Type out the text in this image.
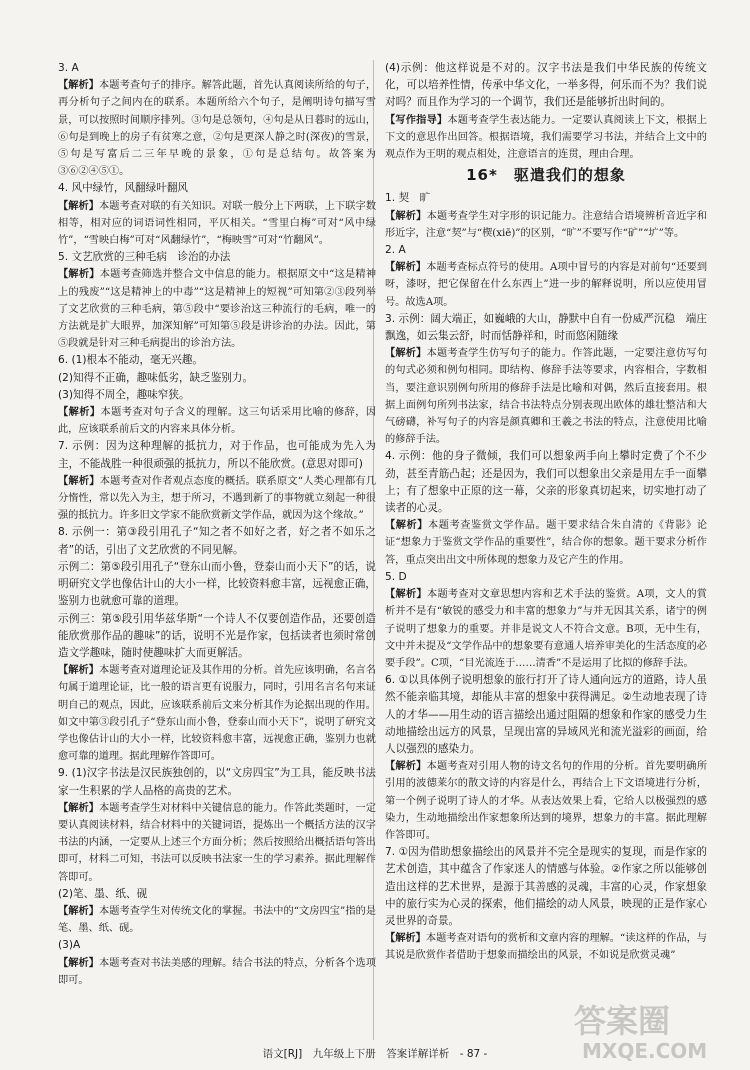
3. A

【解析】本题考查句子的排序。解答此题，首先认真阅读所给的句子，再分析句子之间内在的联系。本题所给六个句子，是阐明诗句描写雪景，可以按照时间顺序排列。③句是总领句，④句是从日暮时的远山，⑥句是到晚上的房子有贫寒之意，②句是更深人静之时(深夜)的雪景，⑤句是写富后二三年早晚的景象，①句是总结句。故答案为③⑥②④⑤①。

4. 风中绿竹，风翻绿叶翻风

【解析】本题考查对联的有关知识。对联一般分上下两联，上下联字数相等，相对应的词语词性相同，平仄相关。“雪里白梅”可对“风中绿竹”，“雪映白梅”可对“风翻绿竹”，“梅映雪”可对“竹翻风”。

5. 文艺欣赏的三种毛病　诊治的办法

【解析】本题考查筛选并整合文中信息的能力。根据原文中“这是精神上的残废”“这是精神上的中毒”“这是精神上的短视”可知第②③段列举了文艺欣赏的三种毛病，第⑤段中“要诊治这三种流行的毛病，唯一的方法就是扩大眼界，加深知解”可知第⑤段是讲诊治的办法。因此，第⑤段就是针对三种毛病提出的诊治方法。

6. (1)根本不能动，毫无兴趣。

(2)知得不正确，趣味低劣，缺乏鉴别力。

(3)知得不周全，趣味窄狭。

【解析】本题考查对句子含义的理解。这三句话采用比喻的修辞，因此，应该联系前后文的内容来具体分析。

7. 示例：因为这种理解的抵抗力，对于作品，也可能成为先入为主，不能战胜一种很顽强的抵抗力，所以不能欣赏。(意思对即可)

【解析】本题考查对作者观点态度的概括。联系原文“人类心理都有几分惰性，常以先入为主，想于所习，不遇到新了的事物就立刻起一种很强的抵抗力。许多旧文学家不能欣赏新文学作品，就因为这个缘故。”

8. 示例一：第③段引用孔子“知之者不如好之者，好之者不如乐之者”的话，引出了文艺欣赏的不同见解。

示例二：第⑤段引用孔子“登东山而小鲁，登泰山而小天下”的话，说明研究文学也像估计山的大小一样，比较资料愈丰富，远视愈正确，鉴别力也就愈可靠的道理。

示例三：第⑤段引用华兹华斯“一个诗人不仅要创造作品，还要创造能欣赏那作品的趣味”的话，说明不光是作家，包括读者也须时常创造文学趣味，随时使趣味扩大而更解活。

【解析】本题考查对道理论证及其作用的分析。首先应该明确，名言名句属于道理论证，比一般的语言更有说服力，同时，引用名言名句来证明自己的观点，因此，应该联系前后文来分析其作为论据出现的作用。如文中第③段引孔子“登东山而小鲁，登泰山而小天下”，说明了研究文学也像估计山的大小一样，比较资料愈丰富，远视愈正确，鉴别力也就愈可靠的道理。据此理解作答即可。

9. (1)汉字书法是汉民族独创的，以“文房四宝”为工具，能反映书法家一生积累的学人品格的高贵的艺术。

【解析】本题考查学生对材料中关键信息的能力。作答此类题时，一定要认真阅读材料，结合材料中的关键词语，提炼出一个概括方法的汉字书法的内涵，一定要从上述三个方面分析；然后按照给出概括语句答出即可，材料二可知，书法可以反映书法家一生的学习素养。据此理解作答即可。

(2)笔、墨、纸、砚

【解析】本题考查学生对传统文化的掌握。书法中的“文房四宝”指的是笔、墨、纸、砚。

(3)A

【解析】本题考查对书法美感的理解。结合书法的特点，分析各个选项即可。

(4)示例：他这样说是不对的。汉字书法是我们中华民族的传统文化，可以培养性情，传承中华文化，一举多得，何乐而不为？我们说对吗？而且作为学习的一个调节，我们还是能够折出时间的。

【写作指导】本题考查学生表达能力。一定要认真阅读上下文，根据上下文的意思作出回答。根据语境，我们需要学习书法，并结合上文中的观点作为王明的观点相处，注意语言的连贯，理由合理。

16*　驱遣我们的想象

1. 契　旷

【解析】本题考查学生对字形的识记能力。注意结合语境辨析音近字和形近字，注意“契”与“楔(xiē)”的区别，“旷”不要写作“矿”“圹”等。

2. A

【解析】本题考查标点符号的使用。A项中冒号的内容是对前句“还要到呀，漆呀，把它保留在什么东西上”进一步的解释说明，所以应使用冒号。故选A项。

3. 示例：阔大端正，如巍峨的大山，静默中自有一份威严沉稳　端庄飘逸，如云集云舒，时而恬静祥和，时而悠闲随缘

【解析】本题考查学生仿写句子的能力。作答此题，一定要注意仿写句的句式必须和例句相同。即结构、修辞手法等要求，内容相合，字数相当，要注意识别例句所用的修辞手法是比喻和对偶，然后直接套用。根据上面例句所列书法家，结合书法特点分别表现出欧体的雄壮整洁和大气磅礴，补写句子的内容是颜真卿和王羲之书法的特点，注意使用比喻的修辞手法。

4. 示例：他的身子微倾，我们可以想象两手向上攀时定费了个不少劲，甚至青筋凸起；还是因为，我们可以想象出父亲是用左手一面攀上；有了想象中正原的这一幕，父亲的形象真切起来，切实地打动了读者的心灵。

【解析】本题考查鉴赏文学作品。题干要求结合朱自清的《背影》论证“想象力于鉴赏文学作品的重要性”，结合你的想象。题干要求分析作答，重点突出出文中所体现的想象力及它产生的作用。

5. D

【解析】本题考查对文章思想内容和艺术手法的鉴赏。A项，文人的賞析并不是有“敏锐的感受力和丰富的想象力”与并无因其关系，诸宁的例子说明了想象力的重要。并非是说文人不符合文意。B项，无中生有，文中并未提及“文学作品中的想象要有意通人培养审美化的生活态度的必要手段”。C项，“目光流连于……清香”不是运用了比拟的修辞手法。

6. ①以具体例子说明想象的旅行打开了诗人通向远方的道路，诗人虽然不能亲临其境，却能从丰富的想象中获得满足。②生动地表现了诗人的才华——用生动的语言描绘出通过阻隔的想象和作家的感受力生动地描绘出远方的风景，呈现出富的异域风光和流光溢彩的画面，给人以强烈的感染力。

【解析】本题考查对引用人物的诗文名句的作用的分析。首先要明确所引用的波德莱尔的散文诗的内容是什么，再结合上下文语境进行分析，第一个例子说明了诗人的才华。从表达效果上看，它给人以极强烈的感染力，生动地描绘出作家想象所达到的境界，想象力的丰富。据此理解作答即可。

7. ①因为借助想象描绘出的风景并不完全是现实的复现，而是作家的艺术创造，其中蕴含了作家迷人的情感与体验。②作家之所以能够创造出这样的艺术世界，是源于其善感的灵魂，丰富的心灵，作家想象中的旅行实为心灵的探索，他们描绘的动人风景，映现的正是作家心灵世界的奇景。

【解析】本题考查对语句的赏析和文章内容的理解。“读这样的作品，与其说是欣赏作者借助于想象而描绘出的风景，不如说是欣赏灵魂”

语文[RJ]　九年级上下册　答案详解详析　- 87 -
答案圈
MXQE.COM
